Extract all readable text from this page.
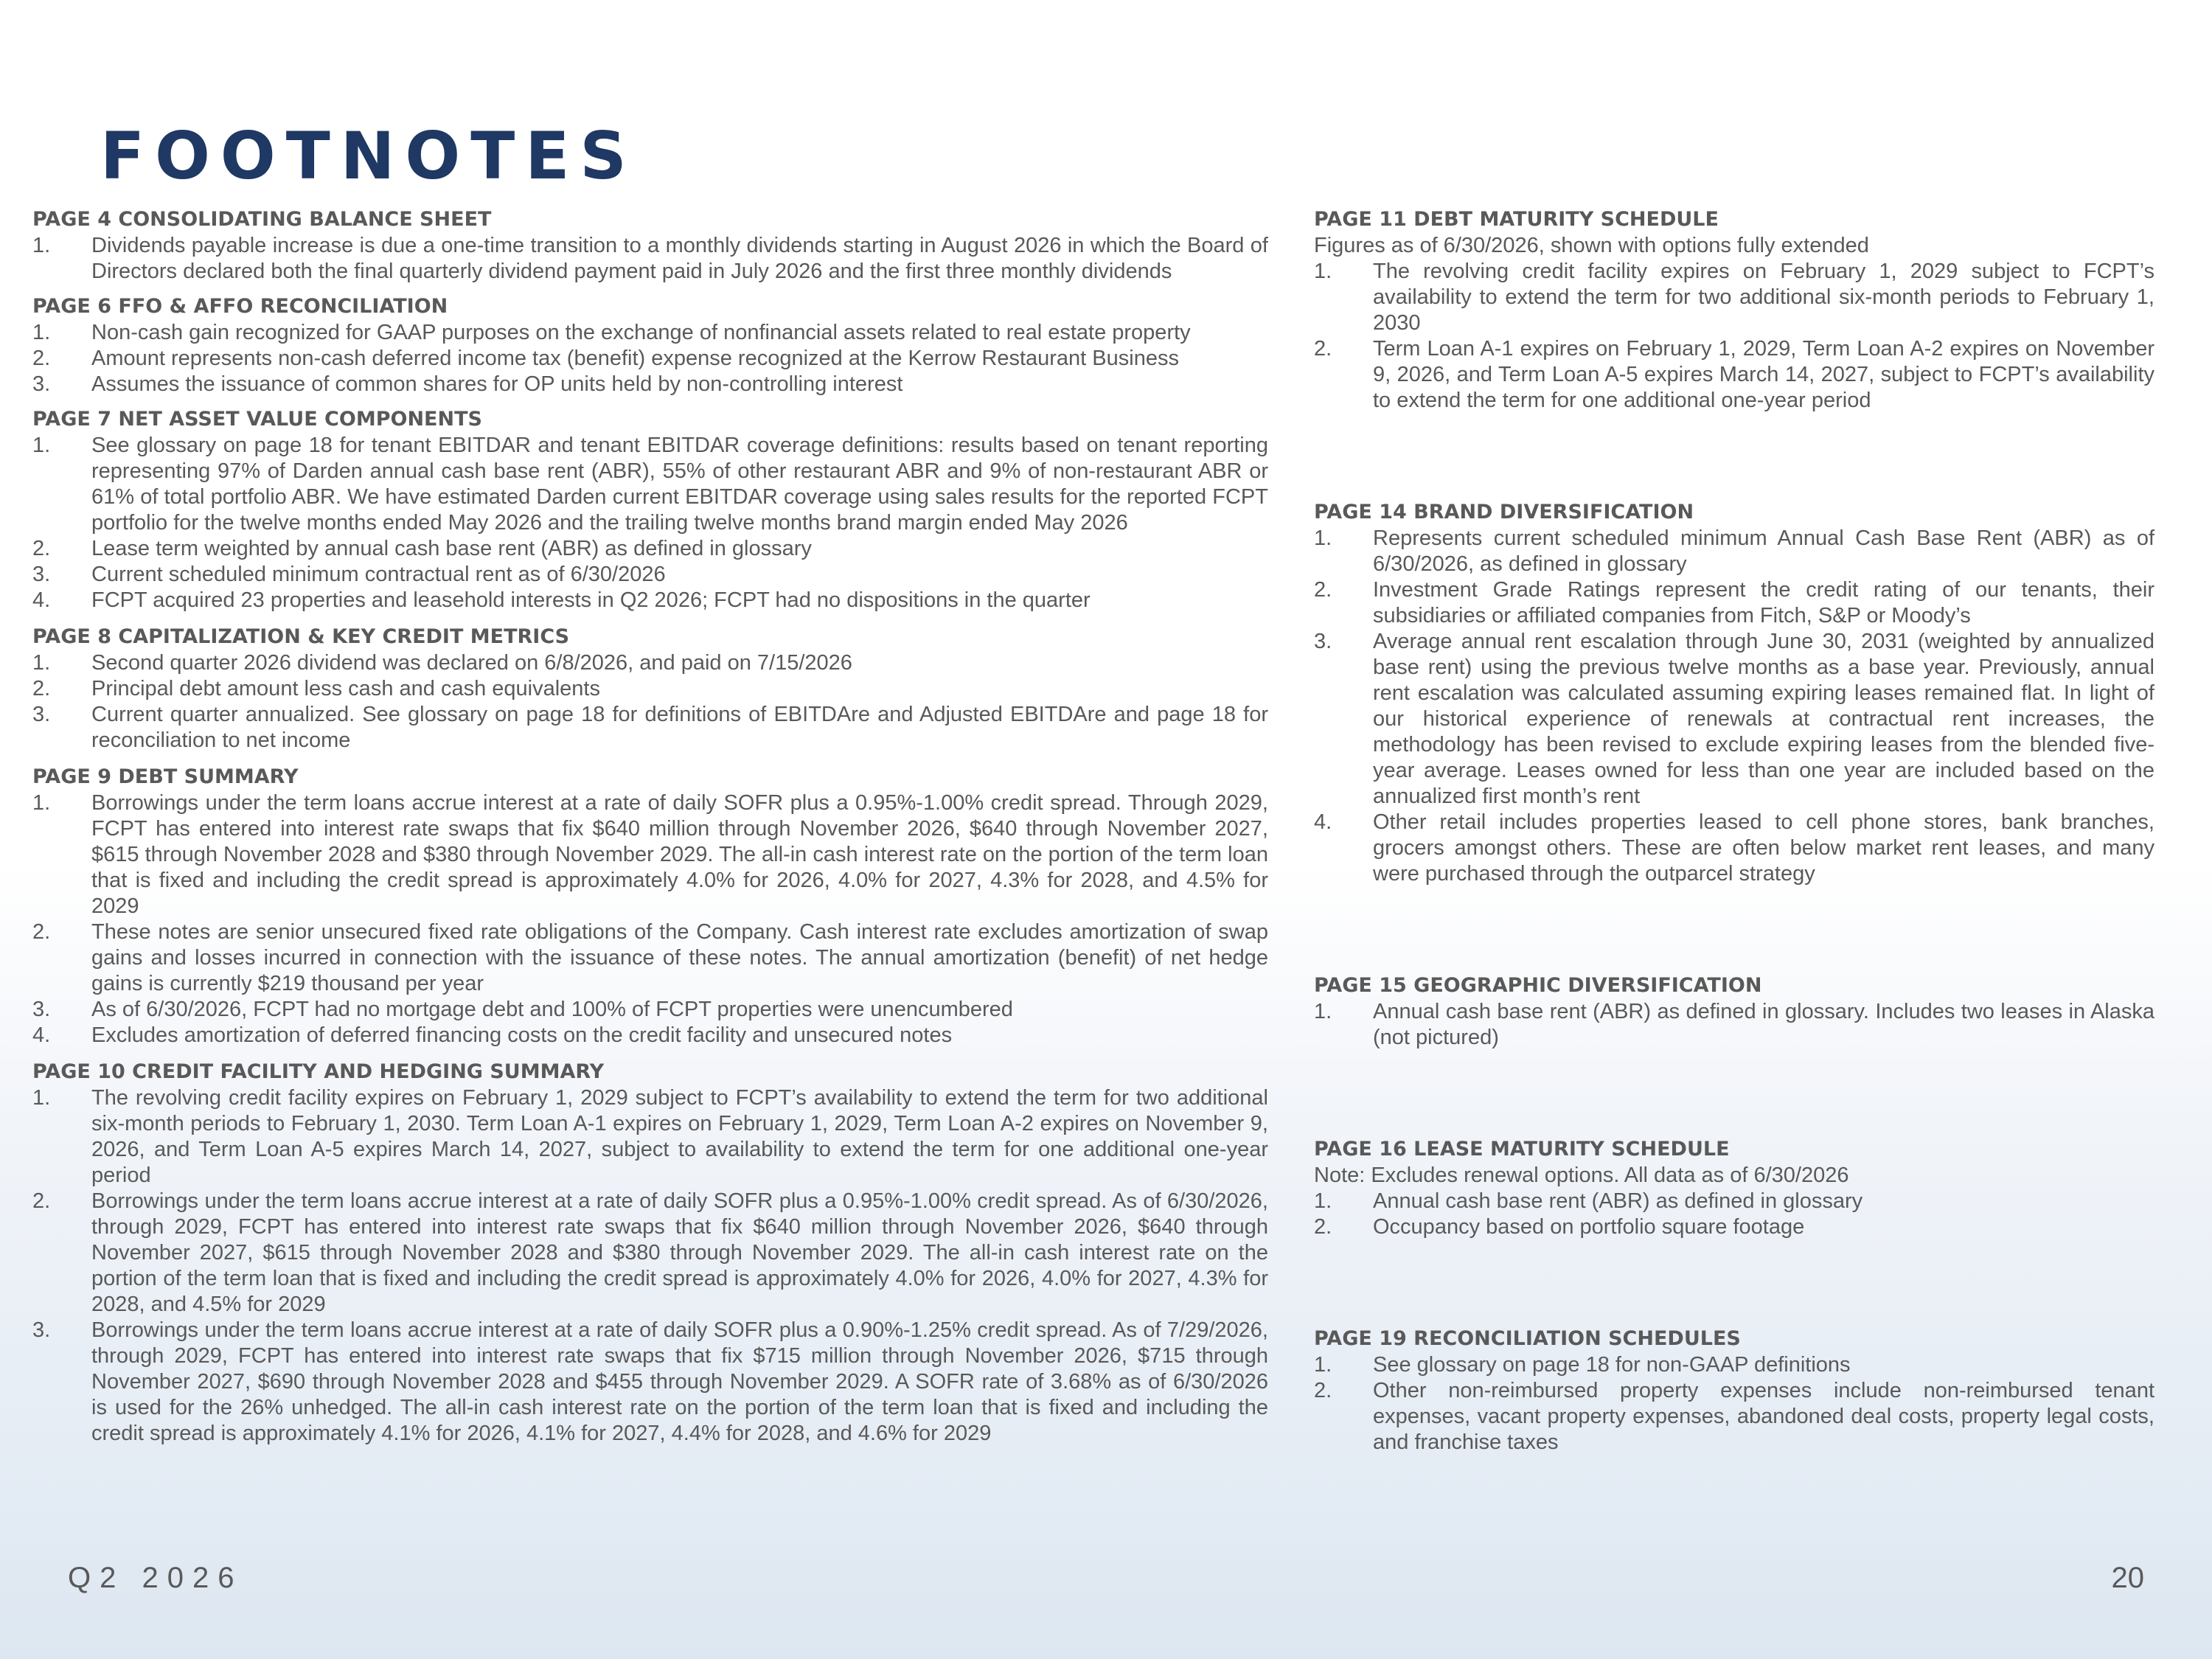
FOOTNOTES
PAGE 4 CONSOLIDATING BALANCE SHEET
1. Dividends payable increase is due a one-time transition to a monthly dividends starting in August 2026 in which the Board of Directors declared both the final quarterly dividend payment paid in July 2026 and the first three monthly dividends
PAGE 6 FFO & AFFO RECONCILIATION
1. Non-cash gain recognized for GAAP purposes on the exchange of nonfinancial assets related to real estate property
2. Amount represents non-cash deferred income tax (benefit) expense recognized at the Kerrow Restaurant Business
3. Assumes the issuance of common shares for OP units held by non-controlling interest
PAGE 7 NET ASSET VALUE COMPONENTS
1. See glossary on page 18 for tenant EBITDAR and tenant EBITDAR coverage definitions: results based on tenant reporting representing 97% of Darden annual cash base rent (ABR), 55% of other restaurant ABR and 9% of non-restaurant ABR or 61% of total portfolio ABR. We have estimated Darden current EBITDAR coverage using sales results for the reported FCPT portfolio for the twelve months ended May 2026 and the trailing twelve months brand margin ended May 2026
2. Lease term weighted by annual cash base rent (ABR) as defined in glossary
3. Current scheduled minimum contractual rent as of 6/30/2026
4. FCPT acquired 23 properties and leasehold interests in Q2 2026; FCPT had no dispositions in the quarter
PAGE 8 CAPITALIZATION & KEY CREDIT METRICS
1. Second quarter 2026 dividend was declared on 6/8/2026, and paid on 7/15/2026
2. Principal debt amount less cash and cash equivalents
3. Current quarter annualized. See glossary on page 18 for definitions of EBITDAre and Adjusted EBITDAre and page 18 for reconciliation to net income
PAGE 9 DEBT SUMMARY
1. Borrowings under the term loans accrue interest at a rate of daily SOFR plus a 0.95%-1.00% credit spread. Through 2029, FCPT has entered into interest rate swaps that fix $640 million through November 2026, $640 through November 2027, $615 through November 2028 and $380 through November 2029. The all-in cash interest rate on the portion of the term loan that is fixed and including the credit spread is approximately 4.0% for 2026, 4.0% for 2027, 4.3% for 2028, and 4.5% for 2029
2. These notes are senior unsecured fixed rate obligations of the Company. Cash interest rate excludes amortization of swap gains and losses incurred in connection with the issuance of these notes. The annual amortization (benefit) of net hedge gains is currently $219 thousand per year
3. As of 6/30/2026, FCPT had no mortgage debt and 100% of FCPT properties were unencumbered
4. Excludes amortization of deferred financing costs on the credit facility and unsecured notes
PAGE 10 CREDIT FACILITY AND HEDGING SUMMARY
1. The revolving credit facility expires on February 1, 2029 subject to FCPT’s availability to extend the term for two additional six-month periods to February 1, 2030. Term Loan A-1 expires on February 1, 2029, Term Loan A-2 expires on November 9, 2026, and Term Loan A-5 expires March 14, 2027, subject to availability to extend the term for one additional one-year period
2. Borrowings under the term loans accrue interest at a rate of daily SOFR plus a 0.95%-1.00% credit spread. As of 6/30/2026, through 2029, FCPT has entered into interest rate swaps that fix $640 million through November 2026, $640 through November 2027, $615 through November 2028 and $380 through November 2029. The all-in cash interest rate on the portion of the term loan that is fixed and including the credit spread is approximately 4.0% for 2026, 4.0% for 2027, 4.3% for 2028, and 4.5% for 2029
3. Borrowings under the term loans accrue interest at a rate of daily SOFR plus a 0.90%-1.25% credit spread. As of 7/29/2026, through 2029, FCPT has entered into interest rate swaps that fix $715 million through November 2026, $715 through November 2027, $690 through November 2028 and $455 through November 2029. A SOFR rate of 3.68% as of 6/30/2026 is used for the 26% unhedged. The all-in cash interest rate on the portion of the term loan that is fixed and including the credit spread is approximately 4.1% for 2026, 4.1% for 2027, 4.4% for 2028, and 4.6% for 2029
PAGE 11 DEBT MATURITY SCHEDULE
Figures as of 6/30/2026, shown with options fully extended
1. The revolving credit facility expires on February 1, 2029 subject to FCPT’s availability to extend the term for two additional six-month periods to February 1, 2030
2. Term Loan A-1 expires on February 1, 2029, Term Loan A-2 expires on November 9, 2026, and Term Loan A-5 expires March 14, 2027, subject to FCPT’s availability to extend the term for one additional one-year period
PAGE 14 BRAND DIVERSIFICATION
1. Represents current scheduled minimum Annual Cash Base Rent (ABR) as of 6/30/2026, as defined in glossary
2. Investment Grade Ratings represent the credit rating of our tenants, their subsidiaries or affiliated companies from Fitch, S&P or Moody’s
3. Average annual rent escalation through June 30, 2031 (weighted by annualized base rent) using the previous twelve months as a base year. Previously, annual rent escalation was calculated assuming expiring leases remained flat. In light of our historical experience of renewals at contractual rent increases, the methodology has been revised to exclude expiring leases from the blended five-year average. Leases owned for less than one year are included based on the annualized first month’s rent
4. Other retail includes properties leased to cell phone stores, bank branches, grocers amongst others. These are often below market rent leases, and many were purchased through the outparcel strategy
PAGE 15 GEOGRAPHIC DIVERSIFICATION
1. Annual cash base rent (ABR) as defined in glossary. Includes two leases in Alaska (not pictured)
PAGE 16 LEASE MATURITY SCHEDULE
Note: Excludes renewal options. All data as of 6/30/2026
1. Annual cash base rent (ABR) as defined in glossary
2. Occupancy based on portfolio square footage
PAGE 19 RECONCILIATION SCHEDULES
1. See glossary on page 18 for non-GAAP definitions
2. Other non-reimbursed property expenses include non-reimbursed tenant expenses, vacant property expenses, abandoned deal costs, property legal costs, and franchise taxes
Q2 2026	20
